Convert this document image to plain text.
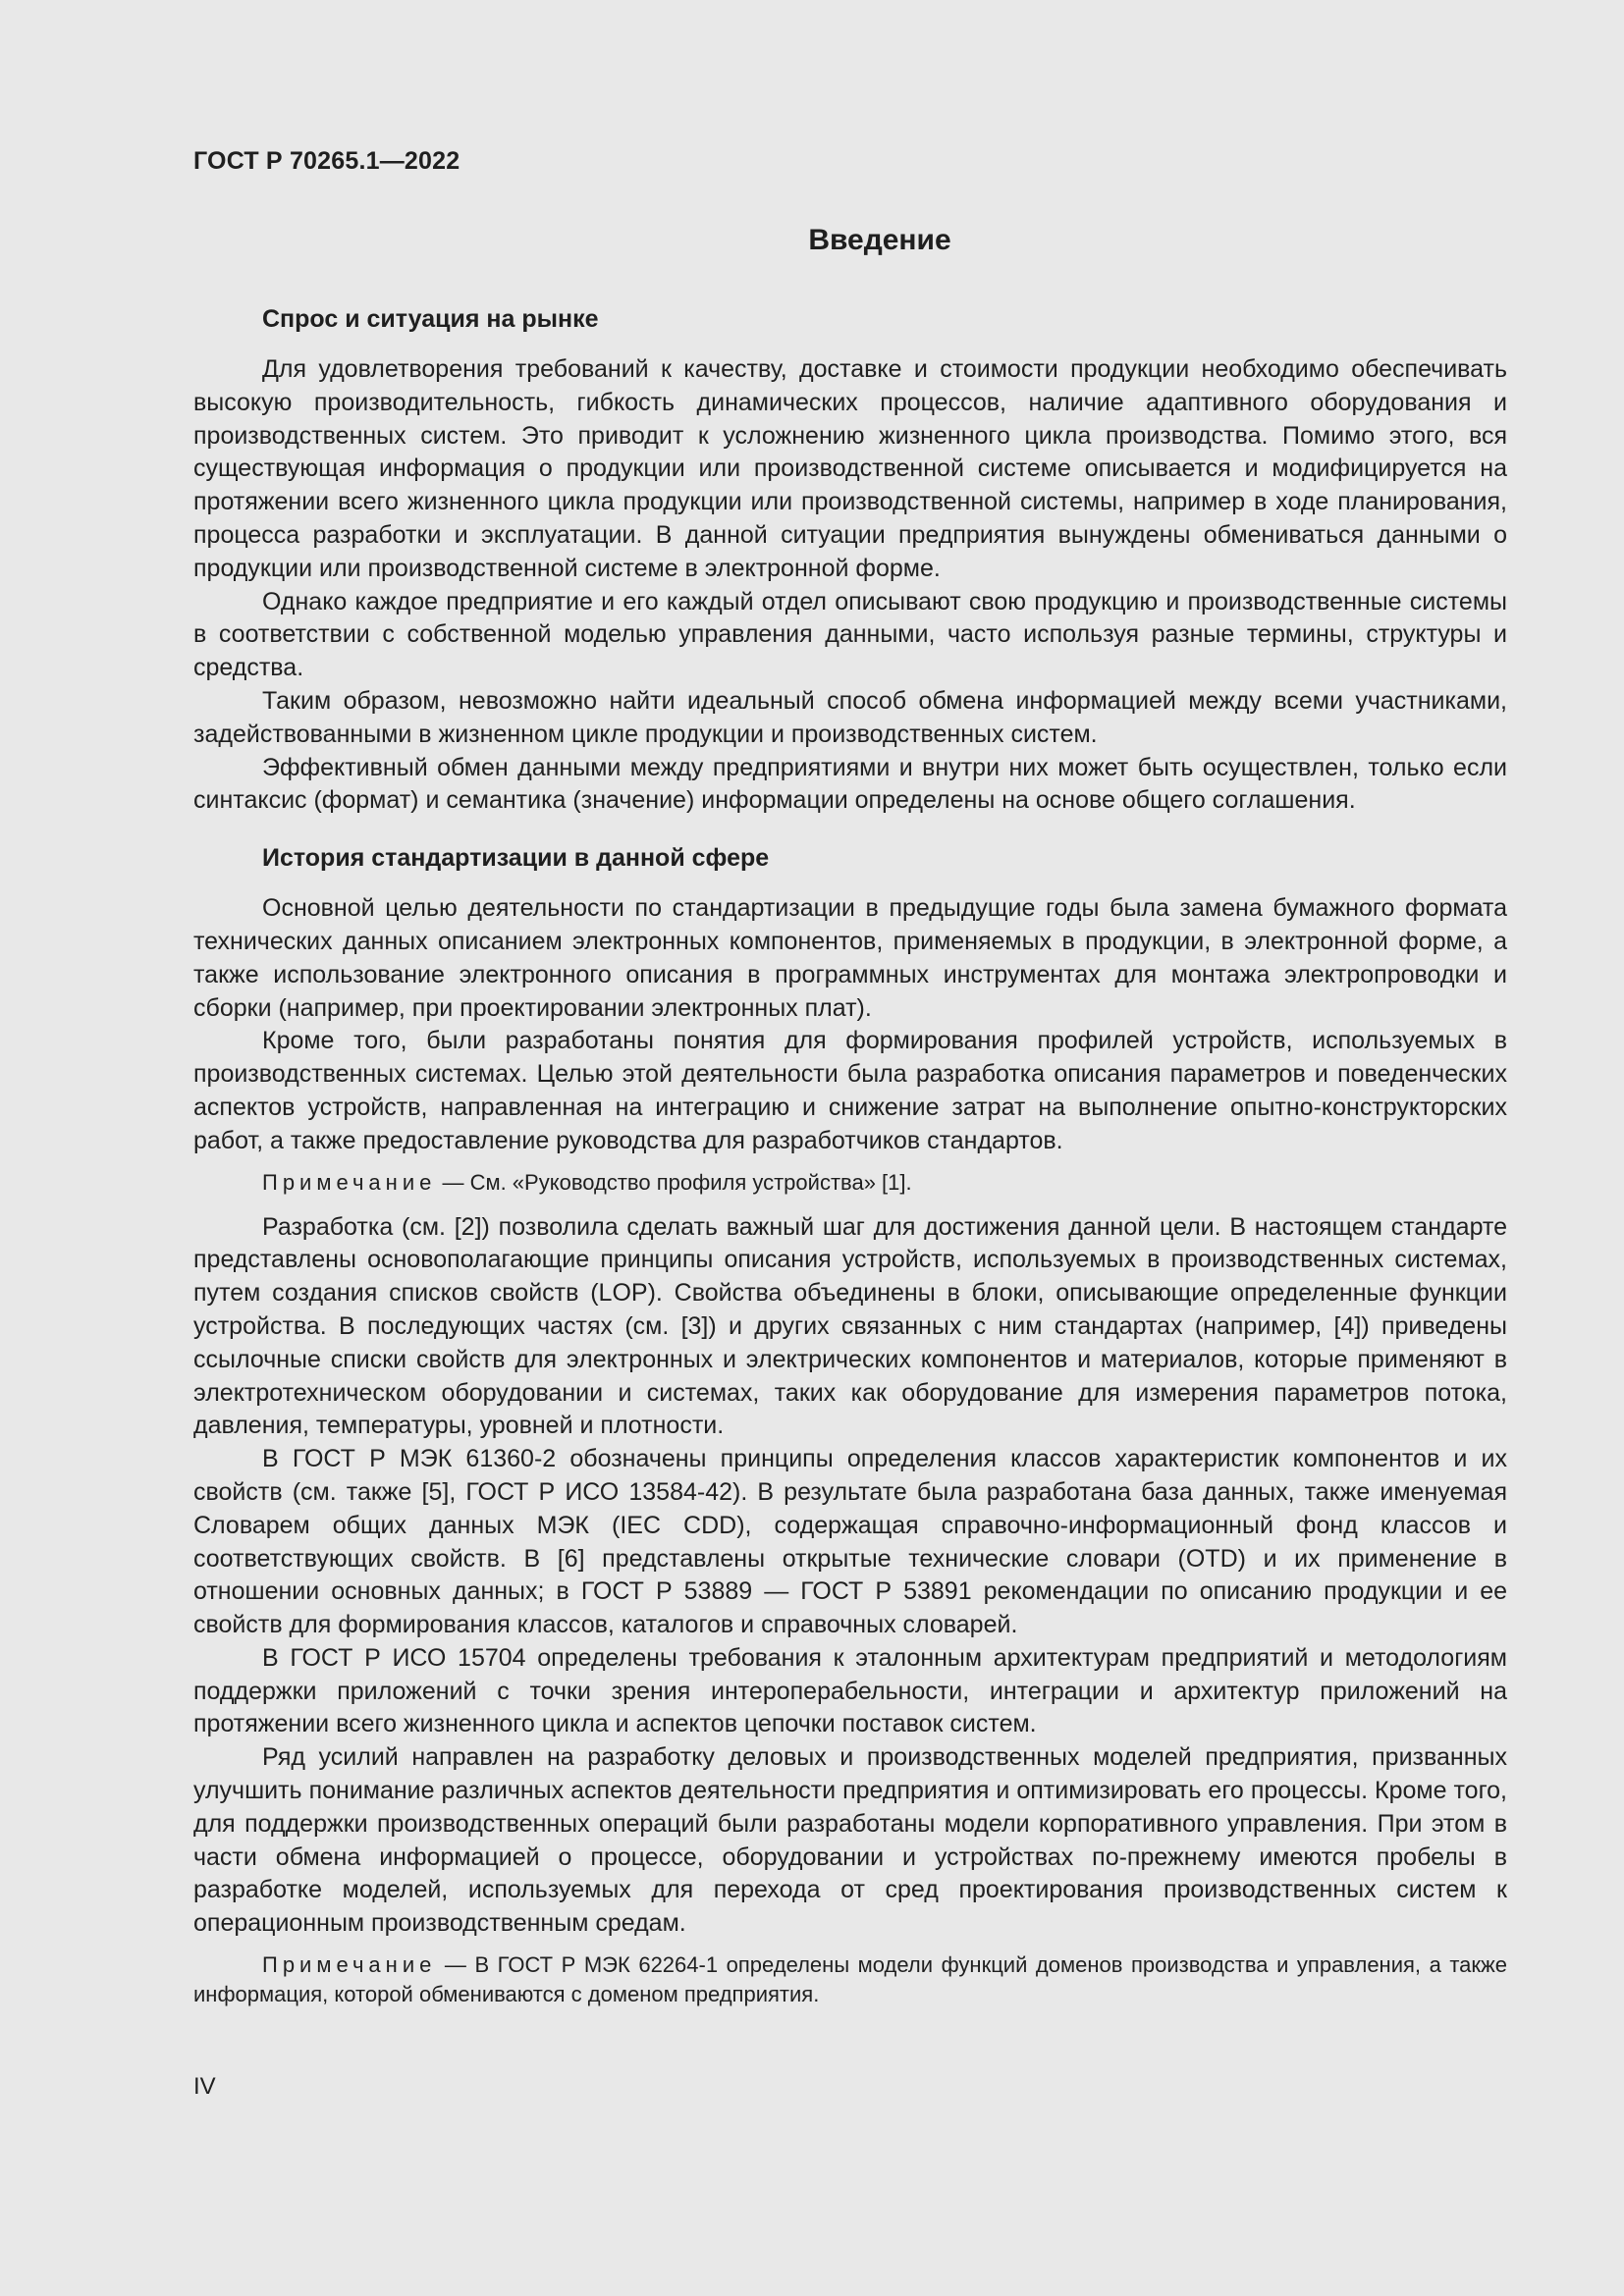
ГОСТ Р 70265.1—2022
Введение
Спрос и ситуация на рынке

Для удовлетворения требований к качеству, доставке и стоимости продукции необходимо обеспечивать высокую производительность, гибкость динамических процессов, наличие адаптивного оборудования и производственных систем. Это приводит к усложнению жизненного цикла производства. Помимо этого, вся существующая информация о продукции или производственной системе описывается и модифицируется на протяжении всего жизненного цикла продукции или производственной системы, например в ходе планирования, процесса разработки и эксплуатации. В данной ситуации предприятия вынуждены обмениваться данными о продукции или производственной системе в электронной форме.

Однако каждое предприятие и его каждый отдел описывают свою продукцию и производственные системы в соответствии с собственной моделью управления данными, часто используя разные термины, структуры и средства.

Таким образом, невозможно найти идеальный способ обмена информацией между всеми участниками, задействованными в жизненном цикле продукции и производственных систем.

Эффективный обмен данными между предприятиями и внутри них может быть осуществлен, только если синтаксис (формат) и семантика (значение) информации определены на основе общего соглашения.

История стандартизации в данной сфере

Основной целью деятельности по стандартизации в предыдущие годы была замена бумажного формата технических данных описанием электронных компонентов, применяемых в продукции, в электронной форме, а также использование электронного описания в программных инструментах для монтажа электропроводки и сборки (например, при проектировании электронных плат).

Кроме того, были разработаны понятия для формирования профилей устройств, используемых в производственных системах. Целью этой деятельности была разработка описания параметров и поведенческих аспектов устройств, направленная на интеграцию и снижение затрат на выполнение опытно-конструкторских работ, а также предоставление руководства для разработчиков стандартов.

Примечание — См. «Руководство профиля устройства» [1].

Разработка (см. [2]) позволила сделать важный шаг для достижения данной цели. В настоящем стандарте представлены основополагающие принципы описания устройств, используемых в производственных системах, путем создания списков свойств (LOP). Свойства объединены в блоки, описывающие определенные функции устройства. В последующих частях (см. [3]) и других связанных с ним стандартах (например, [4]) приведены ссылочные списки свойств для электронных и электрических компонентов и материалов, которые применяют в электротехническом оборудовании и системах, таких как оборудование для измерения параметров потока, давления, температуры, уровней и плотности.

В ГОСТ Р МЭК 61360-2 обозначены принципы определения классов характеристик компонентов и их свойств (см. также [5], ГОСТ Р ИСО 13584-42). В результате была разработана база данных, также именуемая Словарем общих данных МЭК (IEC CDD), содержащая справочно-информационный фонд классов и соответствующих свойств. В [6] представлены открытые технические словари (OTD) и их применение в отношении основных данных; в ГОСТ Р 53889 — ГОСТ Р 53891 рекомендации по описанию продукции и ее свойств для формирования классов, каталогов и справочных словарей.

В ГОСТ Р ИСО 15704 определены требования к эталонным архитектурам предприятий и методологиям поддержки приложений с точки зрения интероперабельности, интеграции и архитектур приложений на протяжении всего жизненного цикла и аспектов цепочки поставок систем.

Ряд усилий направлен на разработку деловых и производственных моделей предприятия, призванных улучшить понимание различных аспектов деятельности предприятия и оптимизировать его процессы. Кроме того, для поддержки производственных операций были разработаны модели корпоративного управления. При этом в части обмена информацией о процессе, оборудовании и устройствах по-прежнему имеются пробелы в разработке моделей, используемых для перехода от сред проектирования производственных систем к операционным производственным средам.

Примечание — В ГОСТ Р МЭК 62264-1 определены модели функций доменов производства и управления, а также информация, которой обмениваются с доменом предприятия.

IV
